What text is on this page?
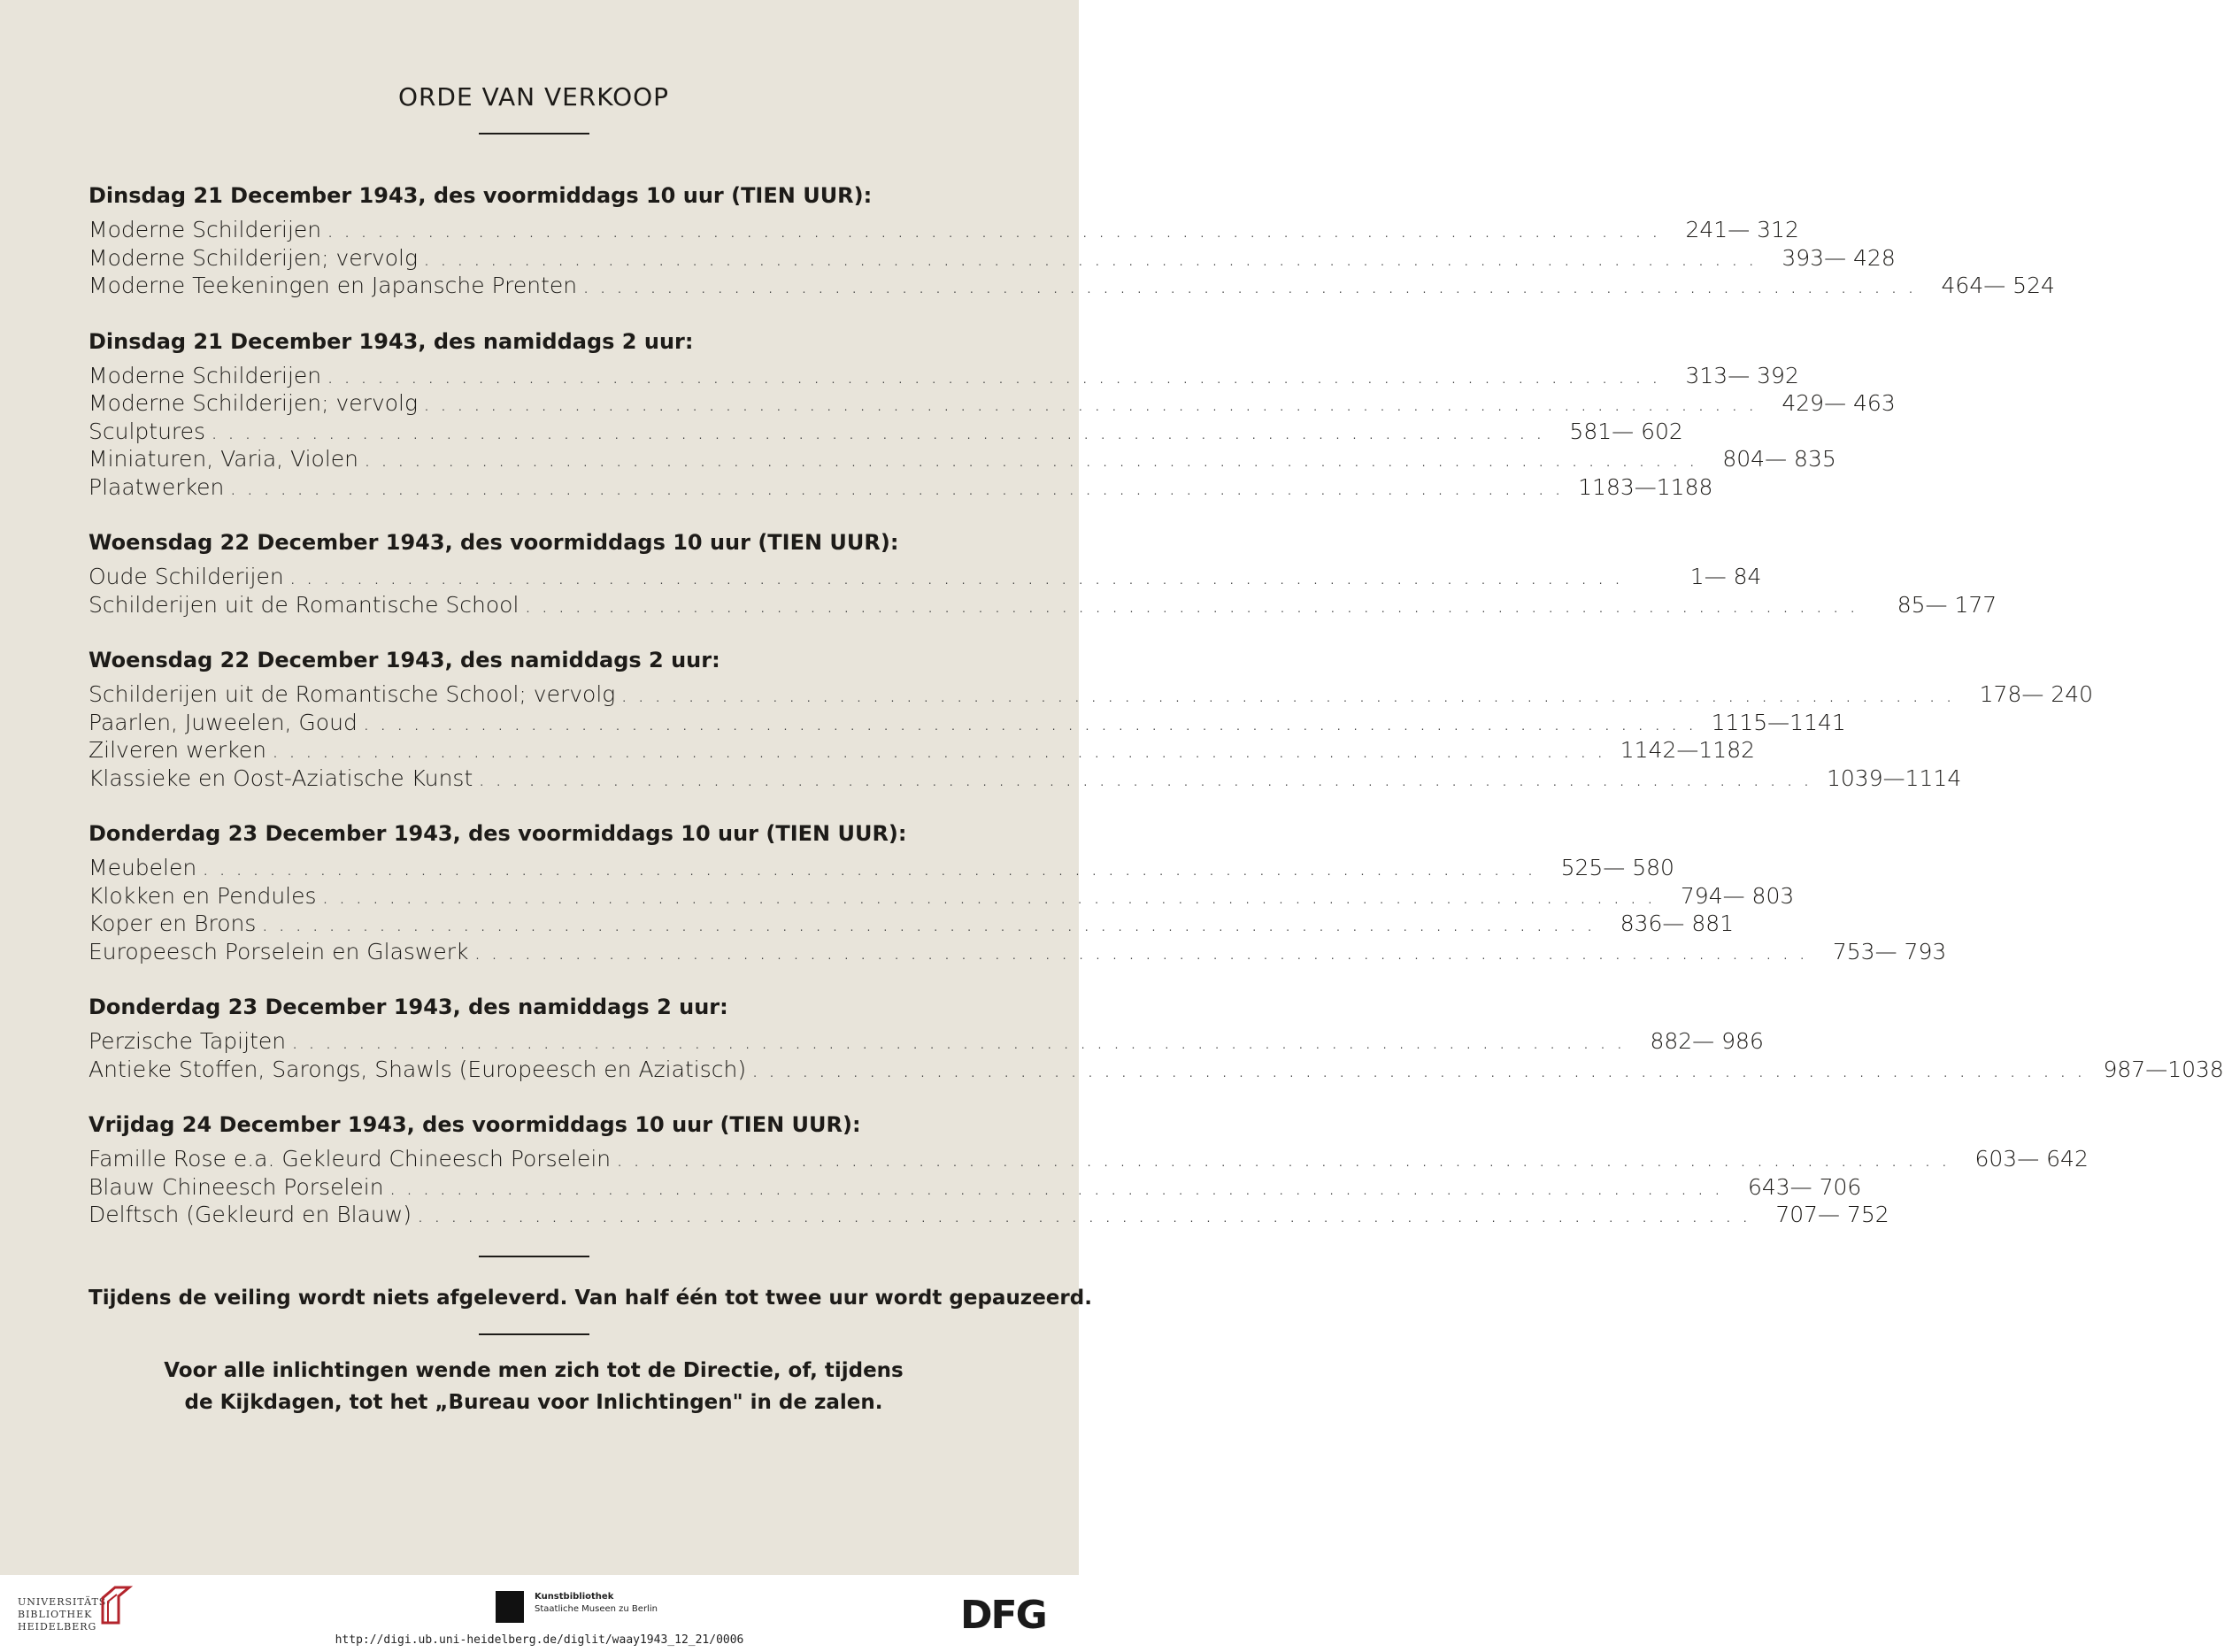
ORDE VAN VERKOOP
Dinsdag 21 December 1943, des voormiddags 10 uur (TIEN UUR):
Moderne Schilderijen ................................................................................ 241— 312
Moderne Schilderijen; vervolg ................................................................................ 393— 428
Moderne Teekeningen en Japansche Prenten ................................................................................ 464— 524
Dinsdag 21 December 1943, des namiddags 2 uur:
Moderne Schilderijen ................................................................................ 313— 392
Moderne Schilderijen; vervolg ................................................................................ 429— 463
Sculptures ................................................................................ 581— 602
Miniaturen, Varia, Violen ................................................................................ 804— 835
Plaatwerken ................................................................................ 1183—1188
Woensdag 22 December 1943, des voormiddags 10 uur (TIEN UUR):
Oude Schilderijen ................................................................................	1— 84
Schilderijen uit de Romantische School ................................................................................	85— 177
Woensdag 22 December 1943, des namiddags 2 uur:
Schilderijen uit de Romantische School; vervolg ................................................................................ 178— 240
Paarlen, Juweelen, Goud ................................................................................ 1115—1141
Zilveren werken ................................................................................ 1142—1182
Klassieke en Oost-Aziatische Kunst ................................................................................ 1039—1114
Donderdag 23 December 1943, des voormiddags 10 uur (TIEN UUR):
Meubelen ................................................................................ 525— 580
Klokken en Pendules ................................................................................ 794— 803
Koper en Brons ................................................................................ 836— 881
Europeesch Porselein en Glaswerk ................................................................................ 753— 793
Donderdag 23 December 1943, des namiddags 2 uur:
Perzische Tapijten ................................................................................ 882— 986
Antieke Stoffen, Sarongs, Shawls (Europeesch en Aziatisch) ................................................................................ 987—1038
Vrijdag 24 December 1943, des voormiddags 10 uur (TIEN UUR):
Famille Rose e.a. Gekleurd Chineesch Porselein ................................................................................ 603— 642
Blauw Chineesch Porselein ................................................................................ 643— 706
Delftsch (Gekleurd en Blauw) ................................................................................ 707— 752

Tijdens de veiling wordt niets afgeleverd. Van half één tot twee uur wordt gepauzeerd.

Voor alle inlichtingen wende men zich tot de Directie, of, tijdens
de Kijkdagen, tot het „Bureau voor Inlichtingen" in de zalen.

UNIVERSITÄTS-
BIBLIOTHEK
HEIDELBERG
Kunstbibliothek
Staatliche Museen zu Berlin	DFG
http://digi.ub.uni-heidelberg.de/diglit/waay1943_12_21/0006
